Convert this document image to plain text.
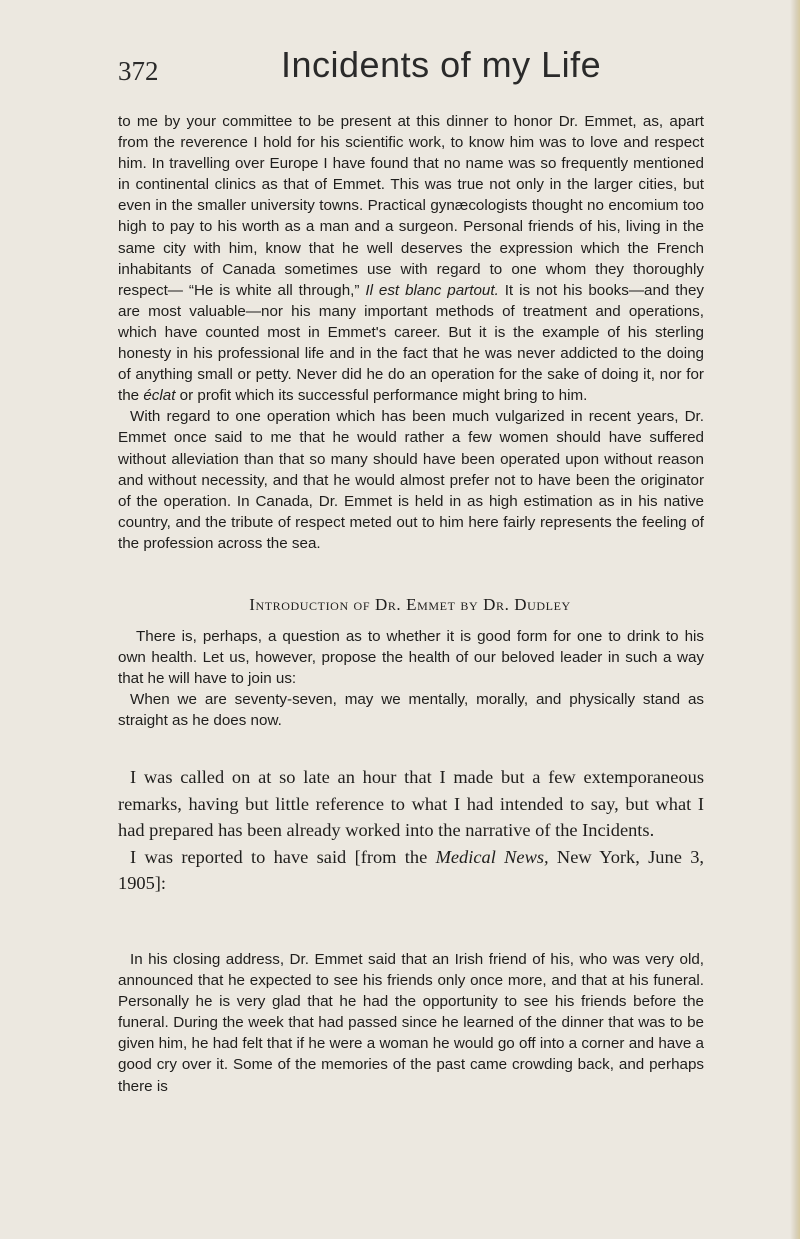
372	Incidents of my Life

to me by your committee to be present at this dinner to honor Dr. Emmet, as, apart from the reverence I hold for his scientific work, to know him was to love and respect him. In travelling over Europe I have found that no name was so frequently mentioned in continental clinics as that of Emmet. This was true not only in the larger cities, but even in the smaller university towns. Practical gynæcologists thought no encomium too high to pay to his worth as a man and a surgeon. Personal friends of his, living in the same city with him, know that he well deserves the expression which the French inhabitants of Canada sometimes use with regard to one whom they thoroughly respect— “He is white all through,” Il est blanc partout. It is not his books—and they are most valuable—nor his many important methods of treatment and operations, which have counted most in Emmet's career. But it is the example of his sterling honesty in his professional life and in the fact that he was never addicted to the doing of anything small or petty. Never did he do an operation for the sake of doing it, nor for the éclat or profit which its successful performance might bring to him.

With regard to one operation which has been much vulgarized in recent years, Dr. Emmet once said to me that he would rather a few women should have suffered without alleviation than that so many should have been operated upon without reason and without necessity, and that he would almost prefer not to have been the originator of the operation. In Canada, Dr. Emmet is held in as high estimation as in his native country, and the tribute of respect meted out to him here fairly represents the feeling of the profession across the sea.

Introduction of Dr. Emmet by Dr. Dudley

There is, perhaps, a question as to whether it is good form for one to drink to his own health. Let us, however, propose the health of our beloved leader in such a way that he will have to join us:

When we are seventy-seven, may we mentally, morally, and physically stand as straight as he does now.

I was called on at so late an hour that I made but a few extemporaneous remarks, having but little reference to what I had intended to say, but what I had prepared has been already worked into the narrative of the Incidents.

I was reported to have said [from the Medical News, New York, June 3, 1905]:

In his closing address, Dr. Emmet said that an Irish friend of his, who was very old, announced that he expected to see his friends only once more, and that at his funeral. Personally he is very glad that he had the opportunity to see his friends before the funeral. During the week that had passed since he learned of the dinner that was to be given him, he had felt that if he were a woman he would go off into a corner and have a good cry over it. Some of the memories of the past came crowding back, and perhaps there is
